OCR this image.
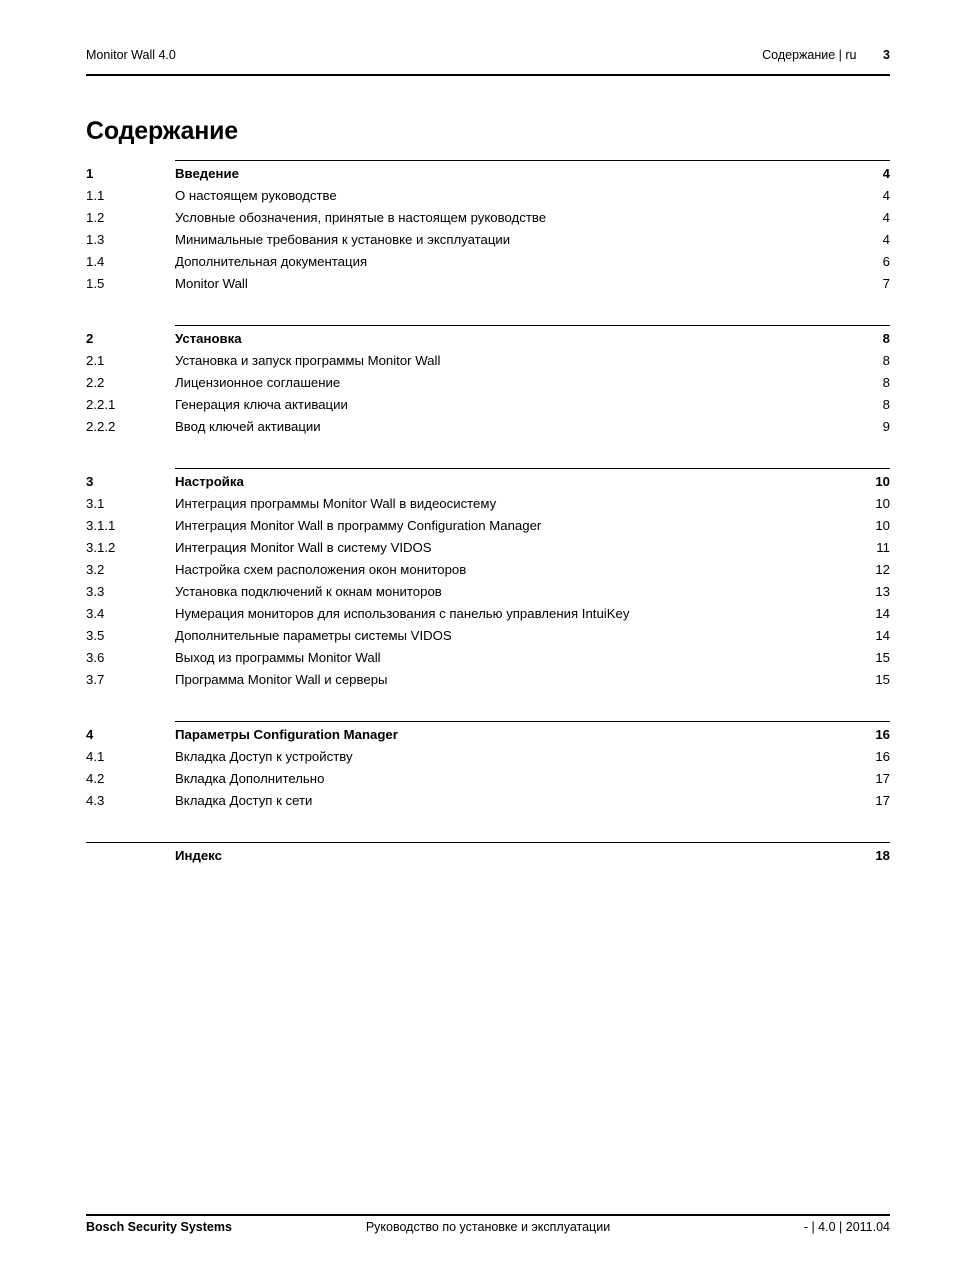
Monitor Wall 4.0	Содержание | ru 3
Содержание
1	Введение	4
1.1	О настоящем руководстве	4
1.2	Условные обозначения, принятые в настоящем руководстве	4
1.3	Минимальные требования к установке и эксплуатации	4
1.4	Дополнительная документация	6
1.5	Monitor Wall	7
2	Установка	8
2.1	Установка и запуск программы Monitor Wall	8
2.2	Лицензионное соглашение	8
2.2.1	Генерация ключа активации	8
2.2.2	Ввод ключей активации	9
3	Настройка	10
3.1	Интеграция программы Monitor Wall в видеосистему	10
3.1.1	Интеграция Monitor Wall в программу Configuration Manager	10
3.1.2	Интеграция Monitor Wall в систему VIDOS	11
3.2	Настройка схем расположения окон мониторов	12
3.3	Установка подключений к окнам мониторов	13
3.4	Нумерация мониторов для использования с панелью управления IntuiKey	14
3.5	Дополнительные параметры системы VIDOS	14
3.6	Выход из программы Monitor Wall	15
3.7	Программа Monitor Wall и серверы	15
4	Параметры Configuration Manager	16
4.1	Вкладка Доступ к устройству	16
4.2	Вкладка Дополнительно	17
4.3	Вкладка Доступ к сети	17
Индекс	18
Bosch Security Systems	Руководство по установке и эксплуатации	- | 4.0 | 2011.04
